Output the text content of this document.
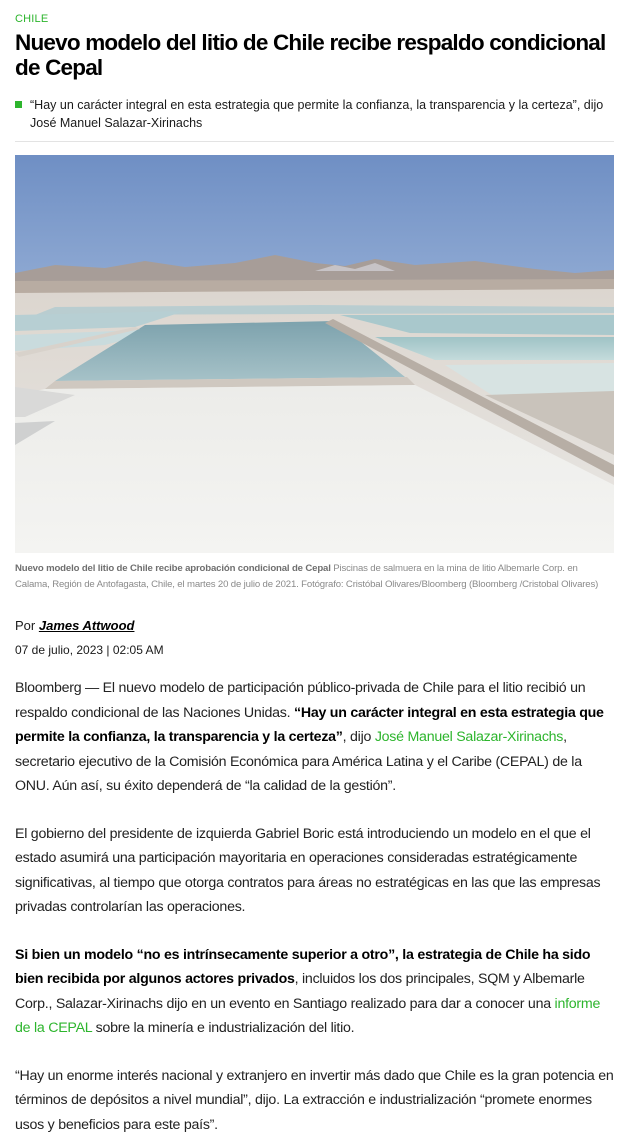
CHILE
Nuevo modelo del litio de Chile recibe respaldo condicional de Cepal
“Hay un carácter integral en esta estrategia que permite la confianza, la transparencia y la certeza”, dijo José Manuel Salazar-Xirinachs
Nuevo modelo del litio de Chile recibe aprobación condicional de Cepal Piscinas de salmuera en la mina de litio Albemarle Corp. en Calama, Región de Antofagasta, Chile, el martes 20 de julio de 2021. Fotógrafo: Cristóbal Olivares/Bloomberg (Bloomberg /Cristobal Olivares)
Por James Attwood
07 de julio, 2023 | 02:05 AM

Bloomberg — El nuevo modelo de participación público-privada de Chile para el litio recibió un respaldo condicional de las Naciones Unidas. “Hay un carácter integral en esta estrategia que permite la confianza, la transparencia y la certeza”, dijo José Manuel Salazar-Xirinachs, secretario ejecutivo de la Comisión Económica para América Latina y el Caribe (CEPAL) de la ONU. Aún así, su éxito dependerá de “la calidad de la gestión”.

El gobierno del presidente de izquierda Gabriel Boric está introduciendo un modelo en el que el estado asumirá una participación mayoritaria en operaciones consideradas estratégicamente significativas, al tiempo que otorga contratos para áreas no estratégicas en las que las empresas privadas controlarían las operaciones.

Si bien un modelo “no es intrínsecamente superior a otro”, la estrategia de Chile ha sido bien recibida por algunos actores privados, incluidos los dos principales, SQM y Albemarle Corp., Salazar-Xirinachs dijo en un evento en Santiago realizado para dar a conocer una informe de la CEPAL sobre la minería e industrialización del litio.

“Hay un enorme interés nacional y extranjero en invertir más dado que Chile es la gran potencia en términos de depósitos a nivel mundial”, dijo. La extracción e industrialización “promete enormes usos y beneficios para este país”.
